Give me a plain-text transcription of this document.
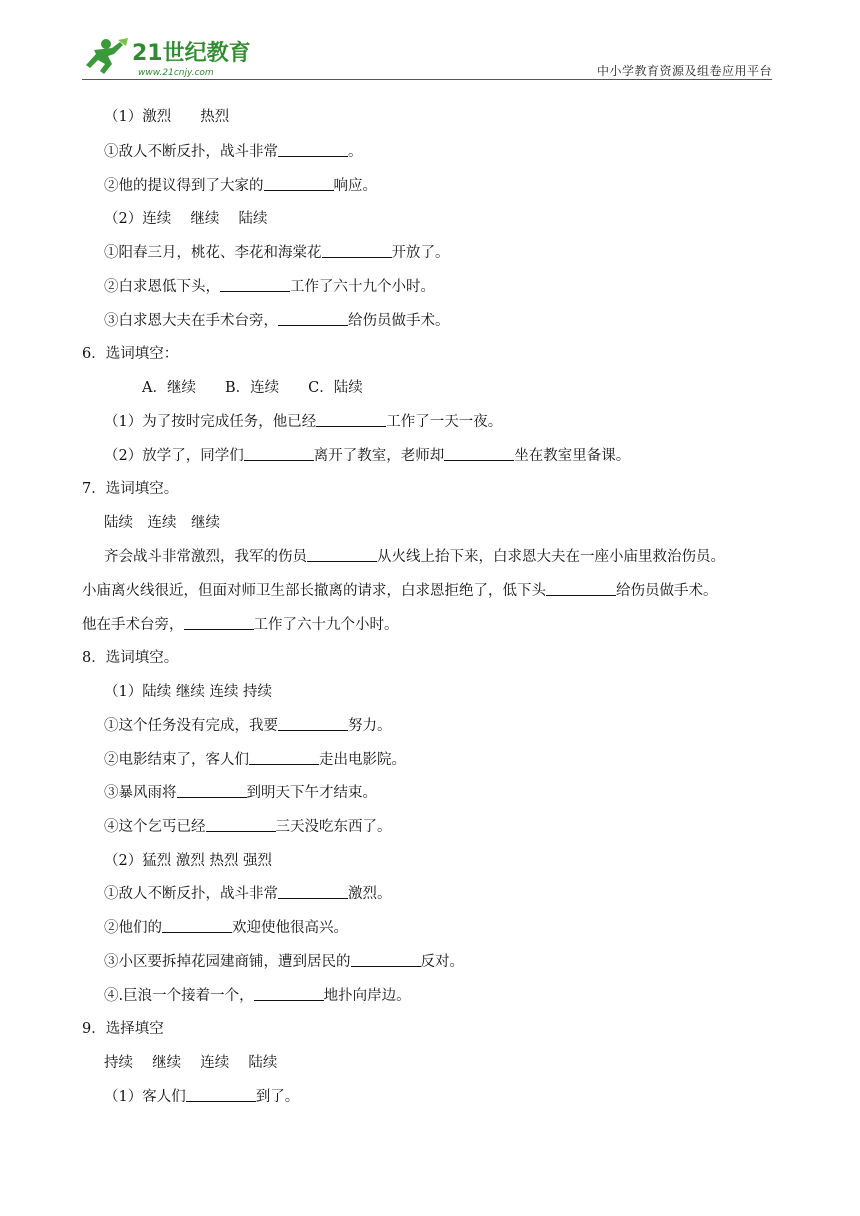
21世纪教育
www.21cnjy.com	中小学教育资源及组卷应用平台
（1）激烈　　热烈
①敌人不断反扑，战斗非常	。
②他的提议得到了大家的	响应。
（2）连续　 继续　 陆续
①阳春三月，桃花、李花和海棠花	开放了。
②白求恩低下头，	工作了六十九个小时。
③白求恩大夫在手术台旁，	给伤员做手术。
6．选词填空：
A．继续　　B．连续　　C．陆续
（1）为了按时完成任务，他已经	工作了一天一夜。
（2）放学了，同学们	离开了教室，老师却	坐在教室里备课。
7．选词填空。
陆续　连续　继续
齐会战斗非常激烈，我军的伤员	从火线上抬下来，白求恩大夫在一座小庙里救治伤员。
小庙离火线很近，但面对师卫生部长撤离的请求，白求恩拒绝了，低下头	给伤员做手术。
他在手术台旁，	工作了六十九个小时。
8．选词填空。
（1）陆续 继续 连续 持续
①这个任务没有完成，我要	努力。
②电影结束了，客人们	走出电影院。
③暴风雨将	到明天下午才结束。
④这个乞丐已经	三天没吃东西了。
（2）猛烈 激烈 热烈 强烈
①敌人不断反扑，战斗非常	激烈。
②他们的	欢迎使他很高兴。
③小区要拆掉花园建商铺，遭到居民的	反对。
④.巨浪一个接着一个，	地扑向岸边。
9．选择填空
持续　 继续　 连续　 陆续
（1）客人们	到了。
